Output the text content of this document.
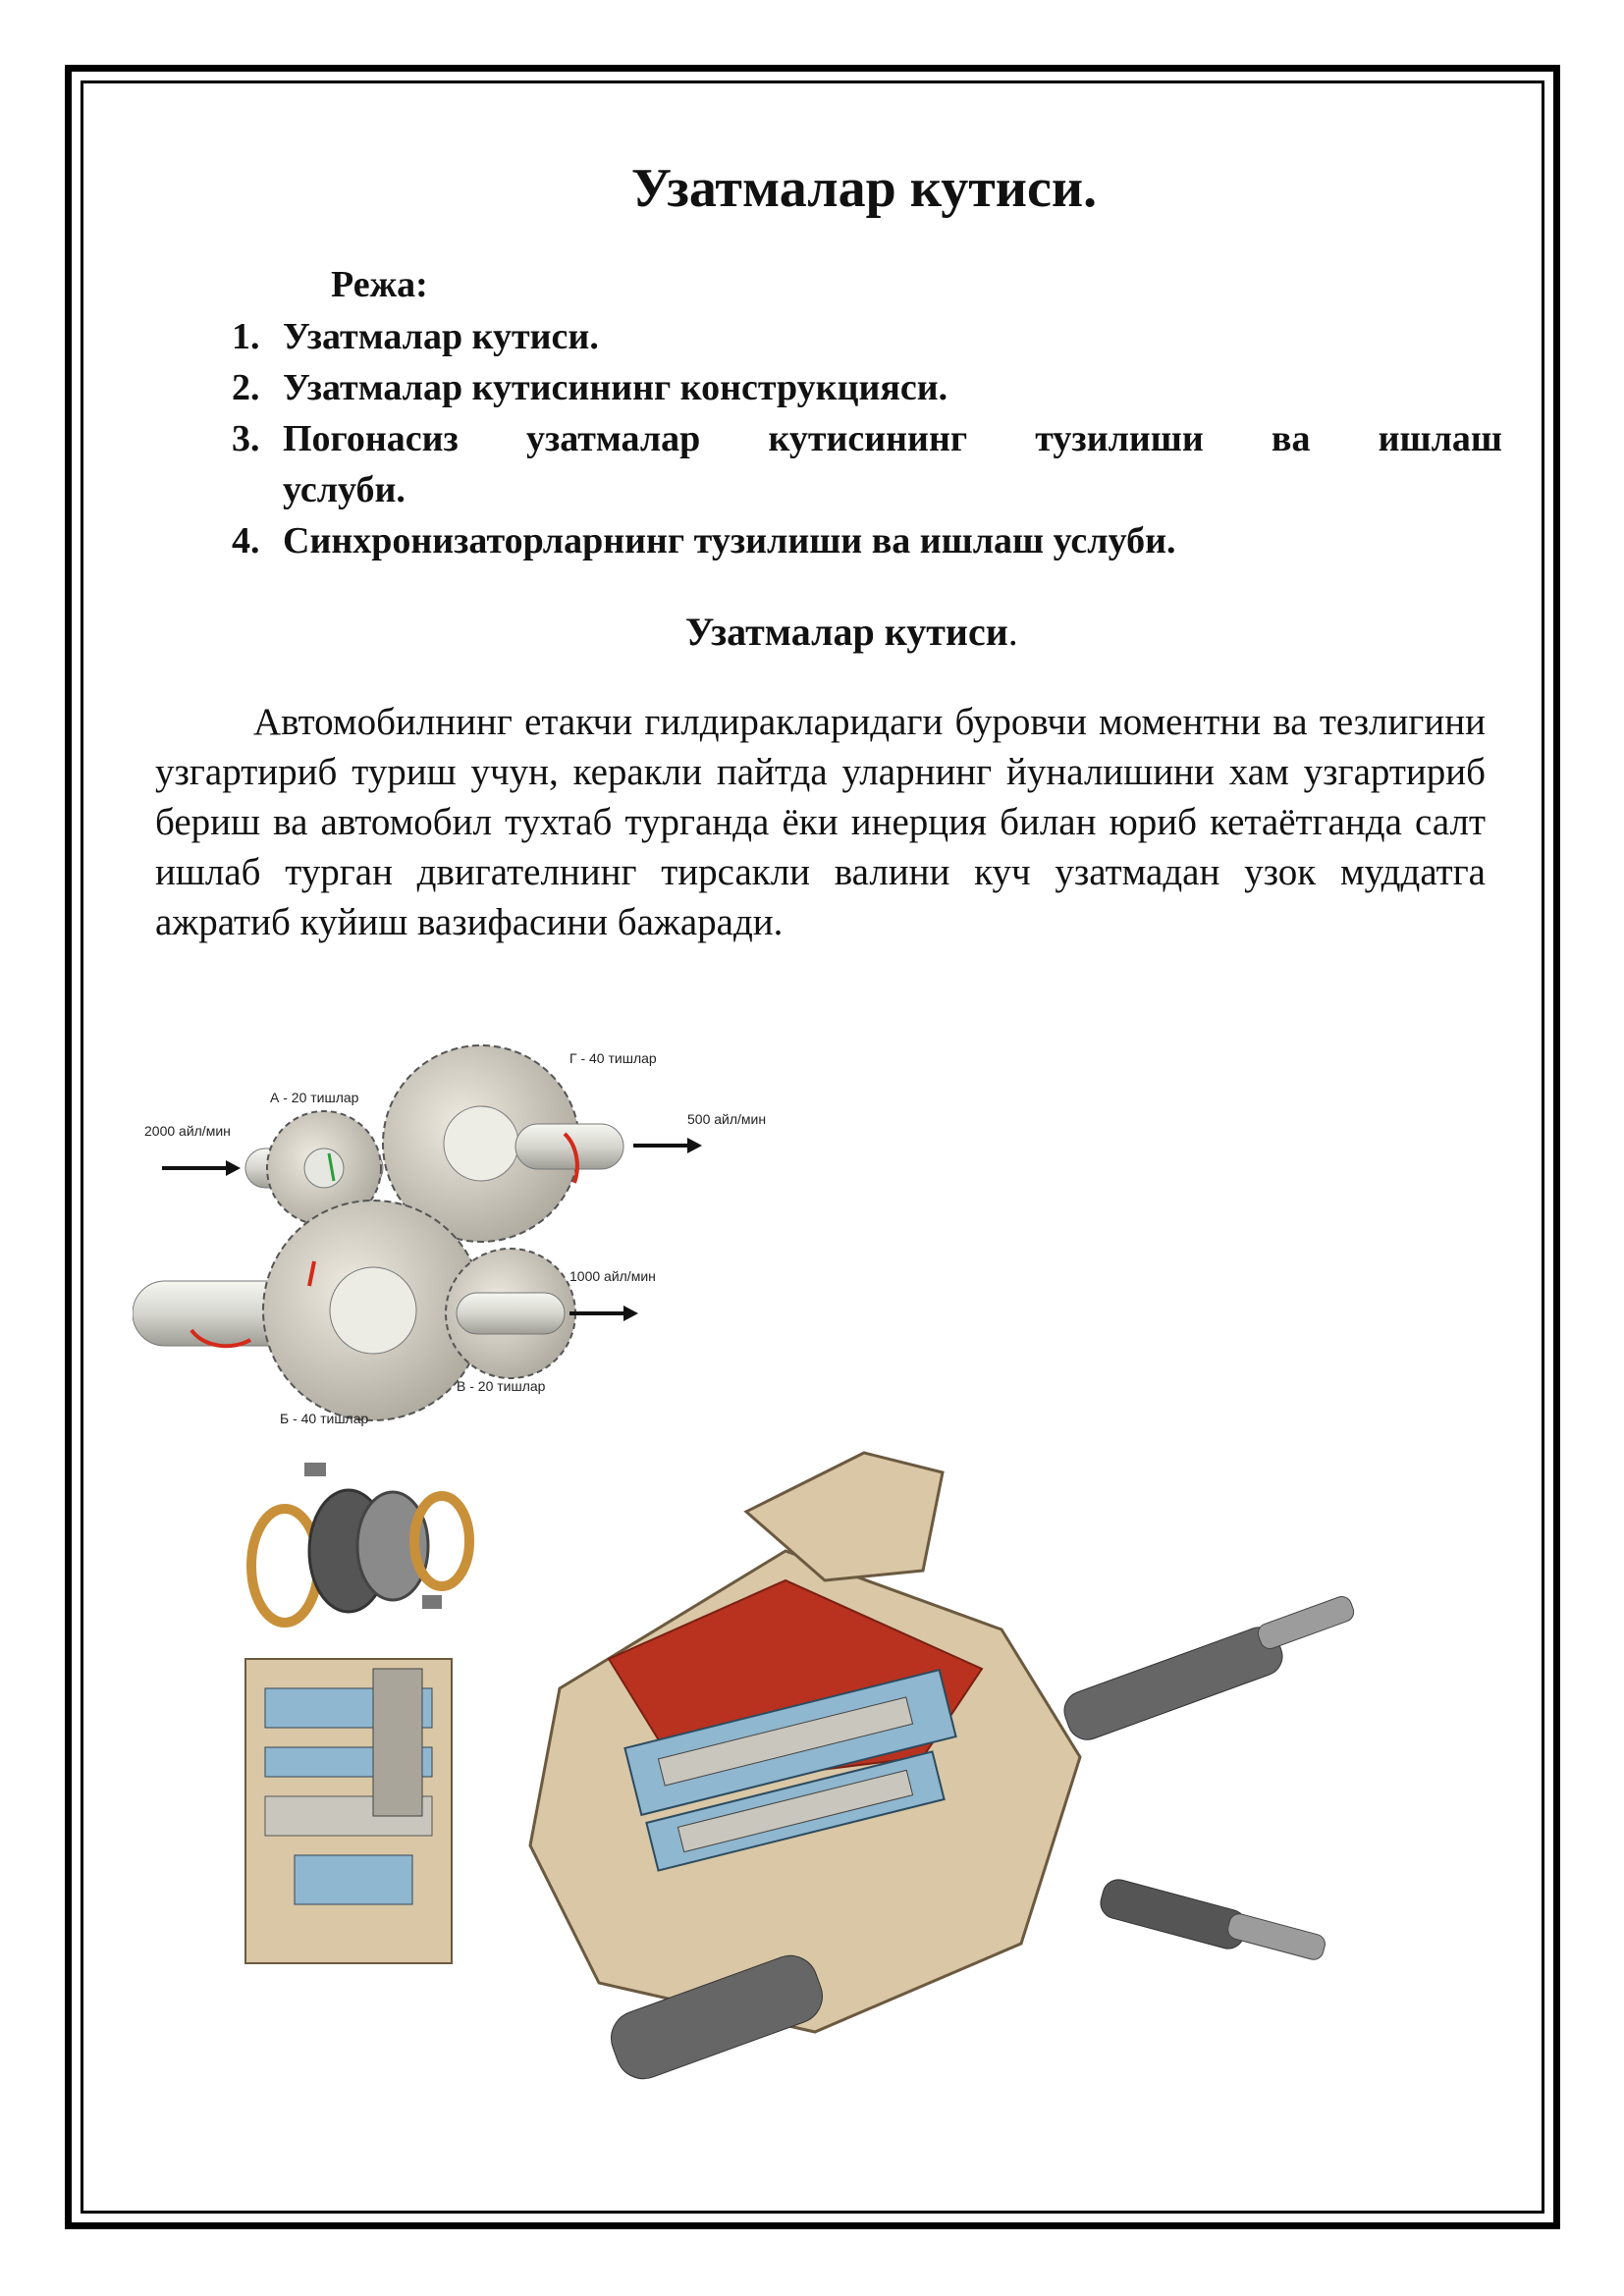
Узатмалар кутиси.
Режа:
1. Узатмалар кутиси.
2. Узатмалар кутисининг конструкцияси.
3. Погонасиз узатмалар кутисининг тузилиши ва ишлаш
услуби.
4. Синхронизаторларнинг тузилиши ва ишлаш услуби.
Узатмалар кутиси.

Автомобилнинг етакчи гилдиракларидаги буровчи моментни ва тезлигини узгартириб туриш учун, керакли пайтда уларнинг йуналишини хам узгартириб бериш ва автомобил тухтаб турганда ёки инерция билан юриб кетаётганда салт ишлаб турган двигателнинг тирсакли валини куч узатмадан узок муддатга ажратиб куйиш вазифасини бажаради.

А - 20 тишлар
Г - 40 тишлар
2000 айл/мин
500 айл/мин
1000 айл/мин
В - 20 тишлар
Б - 40 тишлар
